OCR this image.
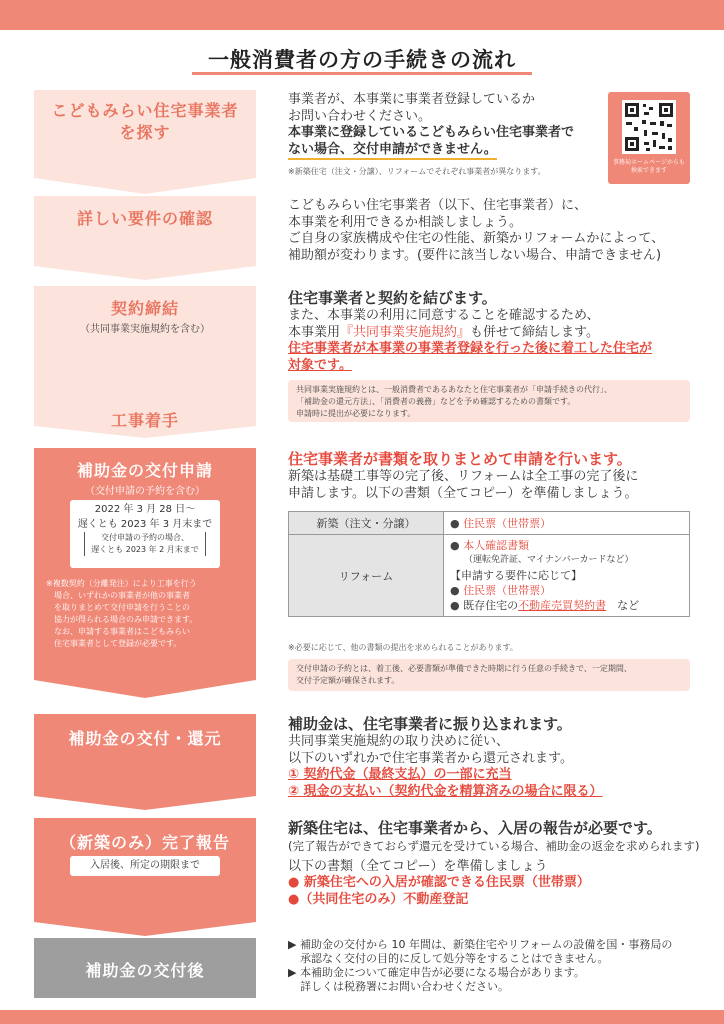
一般消費者の方の手続きの流れ
こどもみらい住宅事業者
を探す
事業者が、本事業に事業者登録しているか
お問い合わせください。
本事業に登録しているこどもみらい住宅事業者で
ない場合、交付申請ができません。
※新築住宅（注文・分譲）、リフォームでそれぞれ事業者が異なります。
事務局ホームページからも
検索できます
詳しい要件の確認
こどもみらい住宅事業者（以下、住宅事業者）に、
本事業を利用できるか相談しましょう。
ご自身の家族構成や住宅の性能、新築かリフォームかによって、
補助額が変わります。(要件に該当しない場合、申請できません)
契約締結
（共同事業実施規約を含む）
工事着手
住宅事業者と契約を結びます。
また、本事業の利用に同意することを確認するため、
本事業用『共同事業実施規約』も併せて締結します。
住宅事業者が本事業の事業者登録を行った後に着工した住宅が
対象です。
共同事業実施規約とは、一般消費者であるあなたと住宅事業者が「申請手続きの代行」、
「補助金の還元方法」、「消費者の義務」などを予め確認するための書類です。
申請時に提出が必要になります。
補助金の交付申請
（交付申請の予約を含む）
2022 年 3 月 28 日〜
遅くとも 2023 年 3 月末まで
交付申請の予約の場合、
遅くとも 2023 年 2 月末まで
※複数契約（分離発注）により工事を行う
場合、いずれかの事業者が他の事業者
を取りまとめて交付申請を行うことの
協力が得られる場合のみ申請できます。
なお、申請する事業者はこどもみらい
住宅事業者として登録が必要です。
住宅事業者が書類を取りまとめて申請を行います。
新築は基礎工事等の完了後、リフォームは全工事の完了後に
申請します。以下の書類（全てコピー）を準備しましょう。
新築（注文・分譲）	● 住民票（世帯票）
リフォーム	● 本人確認書類
（運転免許証、マイナンバーカードなど）
【申請する要件に応じて】
● 住民票（世帯票）
● 既存住宅の不動産売買契約書　 など
※必要に応じて、他の書類の提出を求められることがあります。
交付申請の予約とは、着工後、必要書類が準備できた時期に行う任意の手続きで、一定期間、
交付予定額が確保されます。
補助金の交付・還元
補助金は、住宅事業者に振り込まれます。
共同事業実施規約の取り決めに従い、
以下のいずれかで住宅事業者から還元されます。
① 契約代金（最終支払）の一部に充当
② 現金の支払い（契約代金を精算済みの場合に限る）
（新築のみ）完了報告
入居後、所定の期限まで
新築住宅は、住宅事業者から、入居の報告が必要です。
(完了報告ができておらず還元を受けている場合、補助金の返金を求められます)
以下の書類（全てコピー）を準備しましょう
● 新築住宅への入居が確認できる住民票（世帯票）
●（共同住宅のみ）不動産登記
補助金の交付後
▶ 補助金の交付から 10 年間は、新築住宅やリフォームの設備を国・事務局の
承認なく交付の目的に反して処分等をすることはできません。
▶ 本補助金について確定申告が必要になる場合があります。
詳しくは税務署にお問い合わせください。
